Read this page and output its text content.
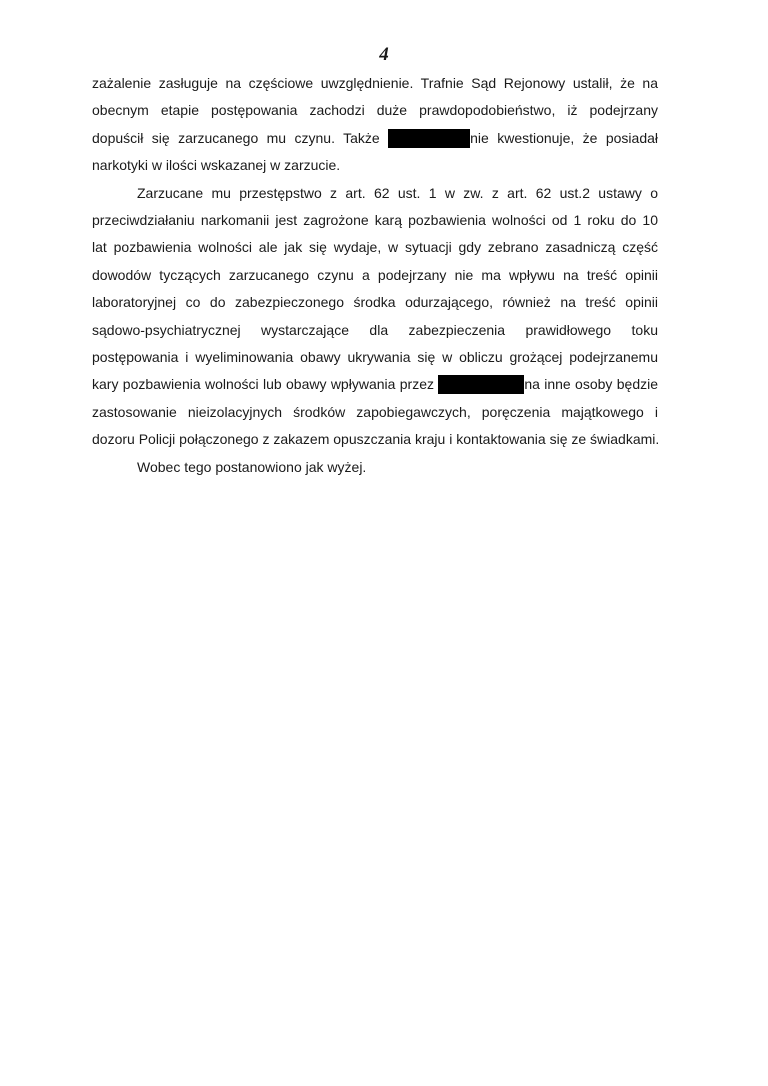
4

zażalenie zasługuje na częściowe uwzględnienie. Trafnie Sąd Rejonowy ustalił, że na
obecnym etapie postępowania zachodzi duże prawdopodobieństwo, iż podejrzany
dopuścił się zarzucanego mu czynu. Także	nie kwestionuje, że posiadał
narkotyki w ilości wskazanej w zarzucie.

Zarzucane mu przestępstwo z art. 62 ust. 1 w zw. z art. 62 ust.2 ustawy o
przeciwdziałaniu narkomanii jest zagrożone karą pozbawienia wolności od 1 roku do 10
lat pozbawienia wolności ale jak się wydaje, w sytuacji gdy zebrano zasadniczą część
dowodów tyczących zarzucanego czynu a podejrzany nie ma wpływu na treść opinii
laboratoryjnej co do zabezpieczonego środka odurzającego, również na treść opinii
sądowo-psychiatrycznej wystarczające dla zabezpieczenia prawidłowego toku
postępowania i wyeliminowania obawy ukrywania się w obliczu grożącej podejrzanemu
kary pozbawienia wolności lub obawy wpływania przez	na inne osoby będzie
zastosowanie nieizolacyjnych środków zapobiegawczych, poręczenia majątkowego i
dozoru Policji połączonego z zakazem opuszczania kraju i kontaktowania się ze świadkami.

Wobec tego postanowiono jak wyżej.
